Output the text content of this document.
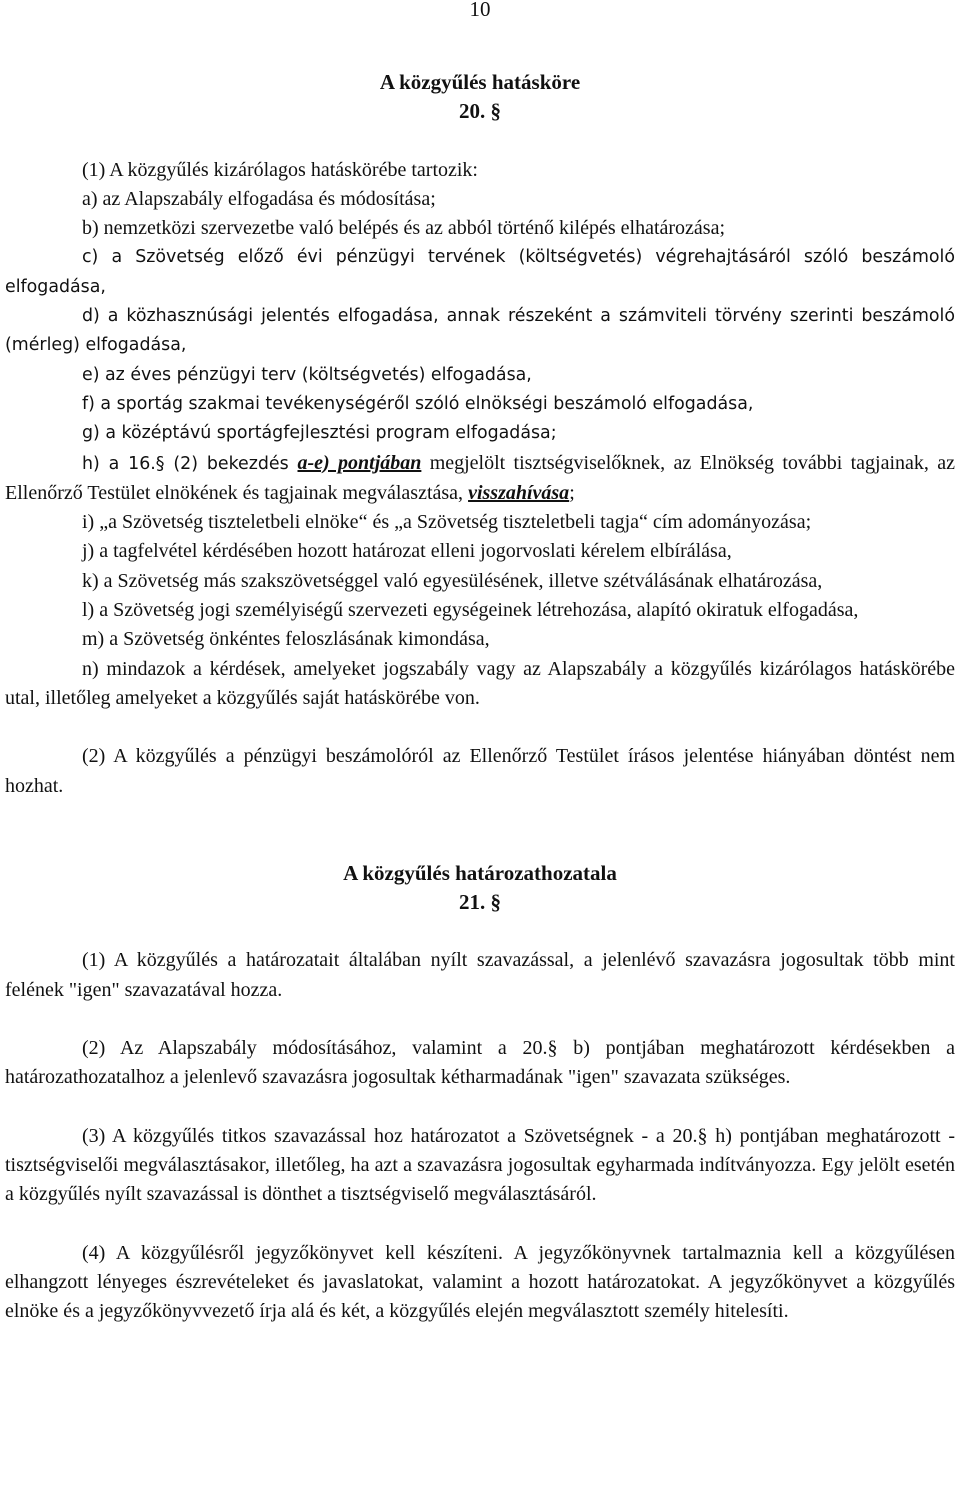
10
A közgyűlés hatásköre
20. §
(1) A közgyűlés kizárólagos hatáskörébe tartozik:
a) az Alapszabály elfogadása és módosítása;
b) nemzetközi szervezetbe való belépés és az abból történő kilépés elhatározása;
c) a Szövetség előző évi pénzügyi tervének (költségvetés) végrehajtásáról szóló beszámoló elfogadása,
d) a közhasznúsági jelentés elfogadása, annak részeként a számviteli törvény szerinti beszámoló (mérleg) elfogadása,
e) az éves pénzügyi terv (költségvetés) elfogadása,
f) a sportág szakmai tevékenységéről szóló elnökségi beszámoló elfogadása,
g) a középtávú sportágfejlesztési program elfogadása;
h) a 16.§ (2) bekezdés a-e) pontjában megjelölt tisztségviselőknek, az Elnökség további tagjainak, az Ellenőrző Testület elnökének és tagjainak megválasztása, visszahívása;
i) „a Szövetség tiszteletbeli elnöke“ és „a Szövetség tiszteletbeli tagja“ cím adományozása;
j) a tagfelvétel kérdésében hozott határozat elleni jogorvoslati kérelem elbírálása,
k) a Szövetség más szakszövetséggel való egyesülésének, illetve szétválásának elhatározása,
l) a Szövetség jogi személyiségű szervezeti egységeinek létrehozása, alapító okiratuk elfogadása,
m) a Szövetség önkéntes feloszlásának kimondása,
n) mindazok a kérdések, amelyeket jogszabály vagy az Alapszabály a közgyűlés kizárólagos hatáskörébe utal, illetőleg amelyeket a közgyűlés saját hatáskörébe von.
(2) A közgyűlés a pénzügyi beszámolóról az Ellenőrző Testület írásos jelentése hiányában döntést nem hozhat.
A közgyűlés határozathozatala
21. §
(1) A közgyűlés a határozatait általában nyílt szavazással, a jelenlévő szavazásra jogosultak több mint felének "igen" szavazatával hozza.
(2) Az Alapszabály módosításához, valamint a 20.§ b) pontjában meghatározott kérdésekben a határozathozatalhoz a jelenlevő szavazásra jogosultak kétharmadának "igen" szavazata szükséges.
(3) A közgyűlés titkos szavazással hoz határozatot a Szövetségnek - a 20.§ h) pontjában meghatározott - tisztségviselői megválasztásakor, illetőleg, ha azt a szavazásra jogosultak egyharmada indítványozza. Egy jelölt esetén a közgyűlés nyílt szavazással is dönthet a tisztségviselő megválasztásáról.
(4) A közgyűlésről jegyzőkönyvet kell készíteni. A jegyzőkönyvnek tartalmaznia kell a közgyűlésen elhangzott lényeges észrevételeket és javaslatokat, valamint a hozott határozatokat. A jegyzőkönyvet a közgyűlés elnöke és a jegyzőkönyvvezető írja alá és két, a közgyűlés elején megválasztott személy hitelesíti.
